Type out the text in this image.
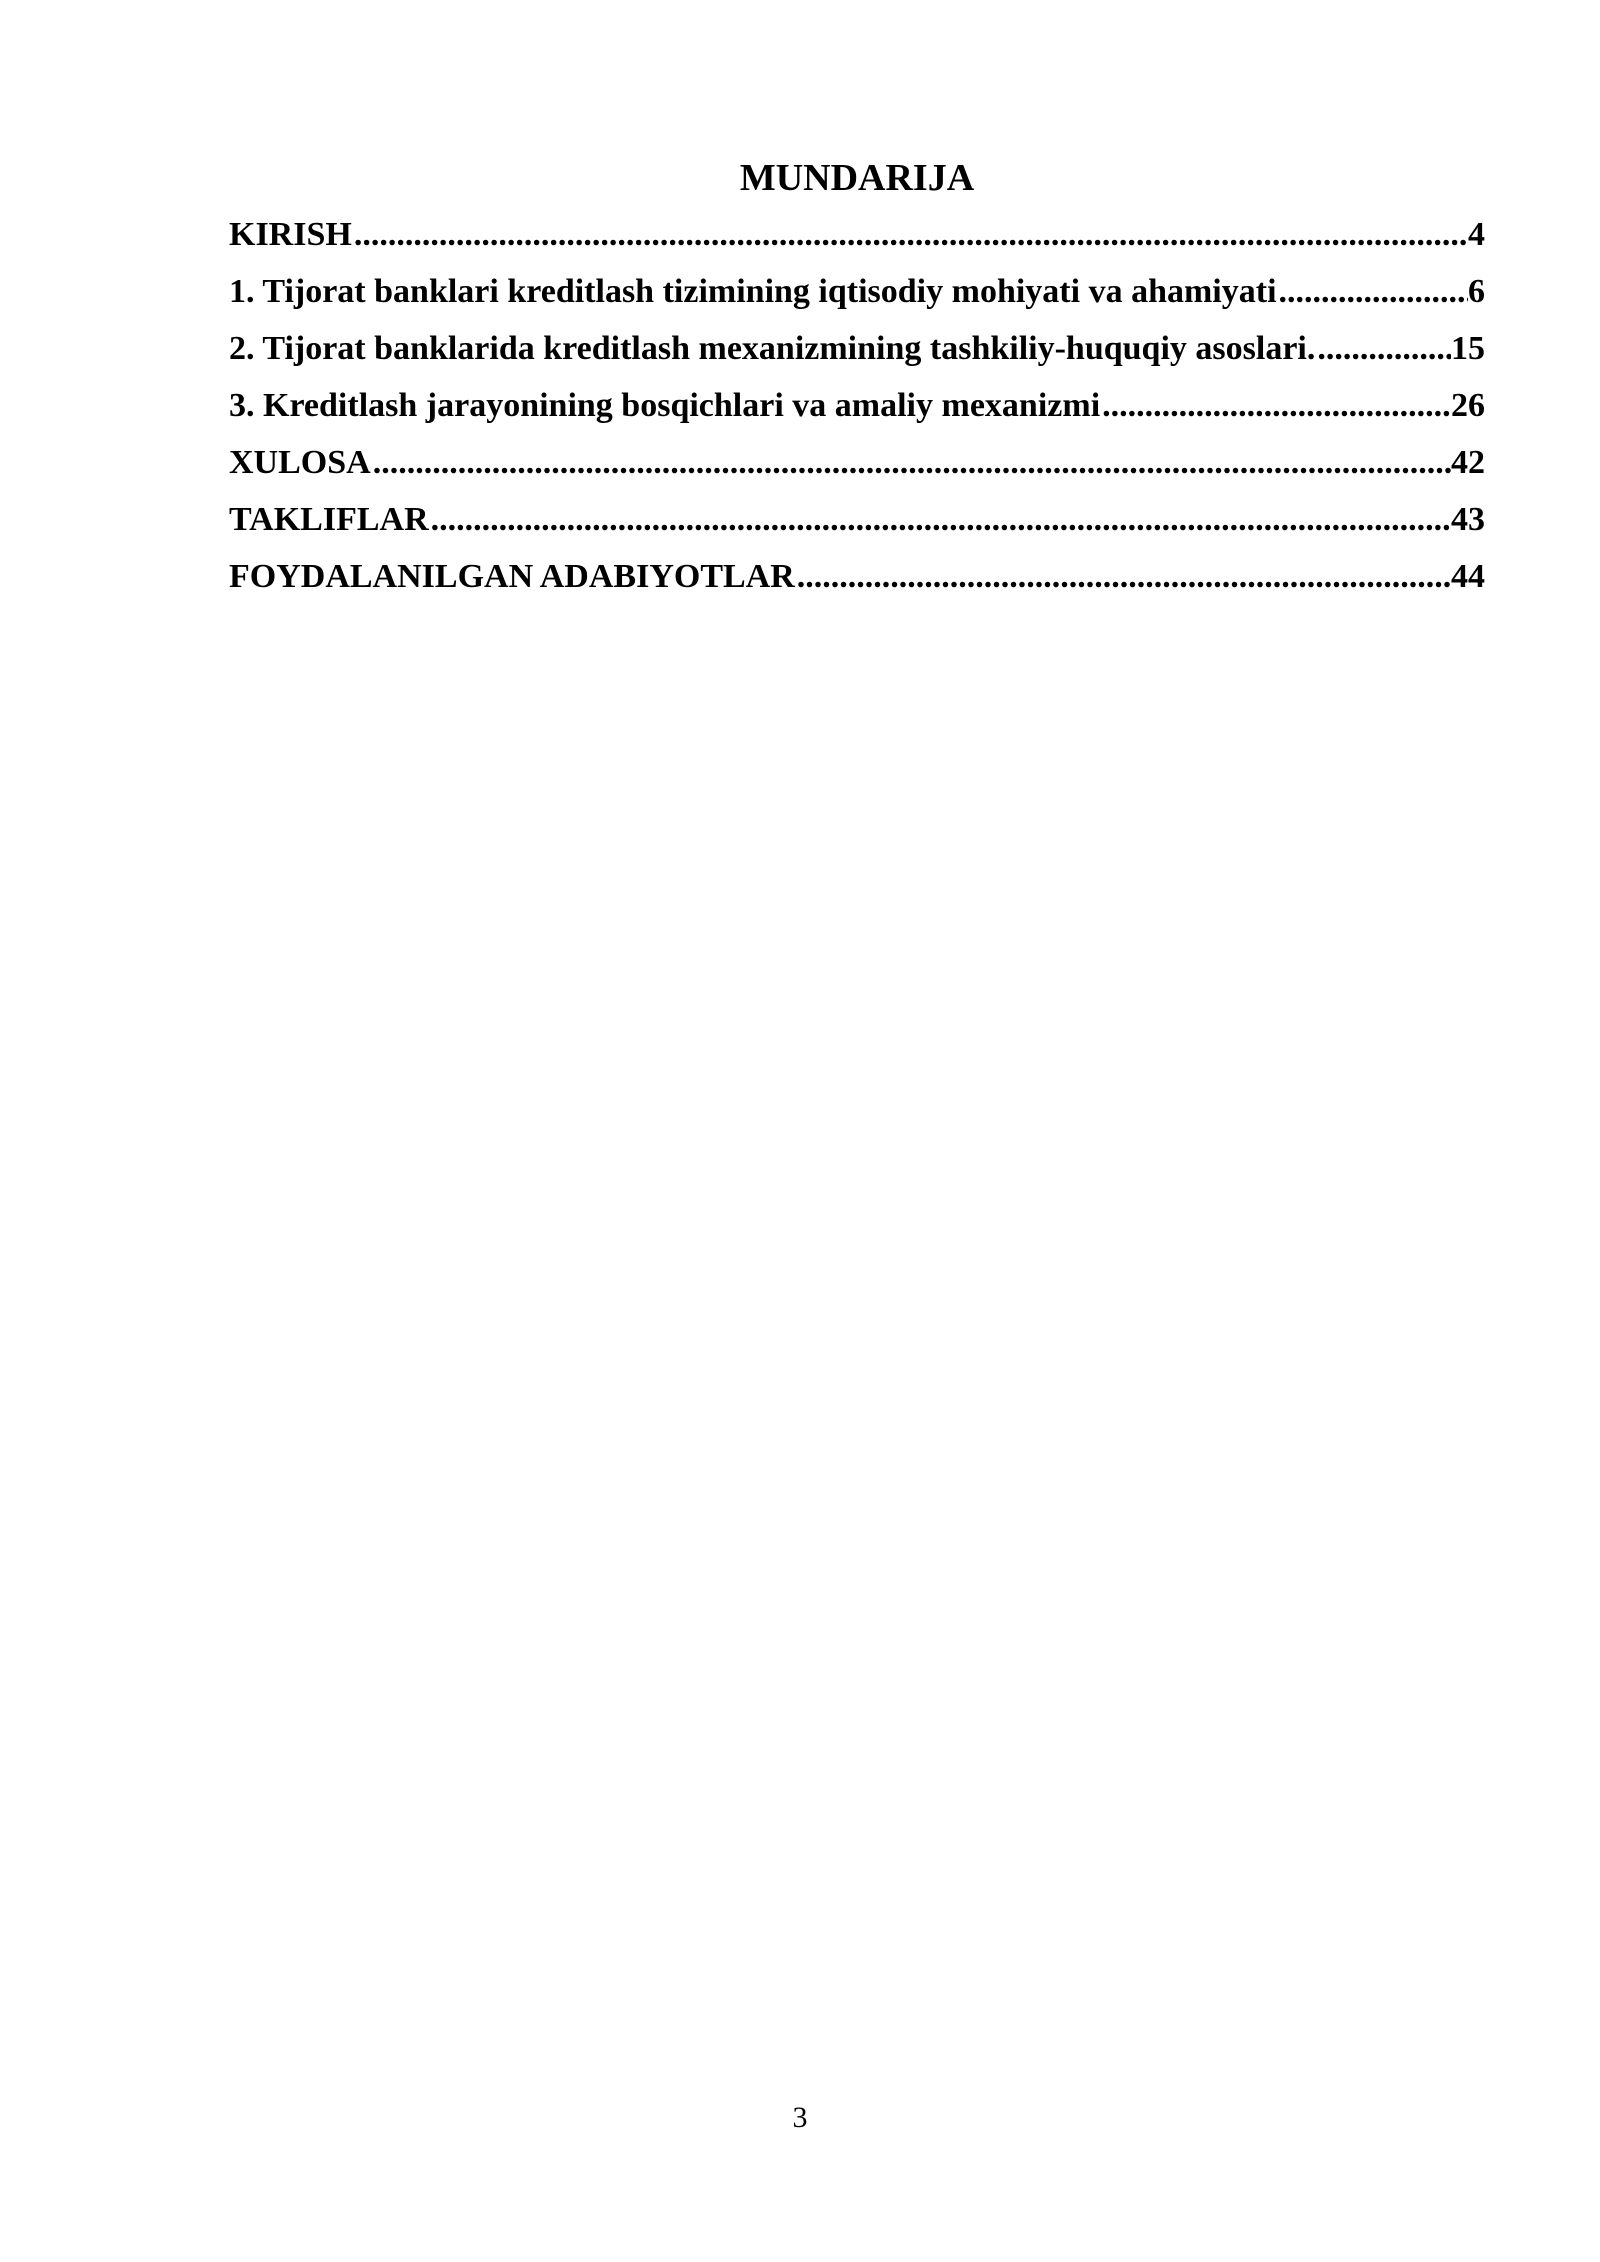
MUNDARIJA
KIRISH .....	4
1. Tijorat banklari kreditlash tizimining iqtisodiy mohiyati va ahamiyati .....	6
2. Tijorat banklarida kreditlash mexanizmining tashkiliy-huquqiy asoslari. .....	15
3. Kreditlash jarayonining bosqichlari va amaliy mexanizmi .....	26
XULOSA .....	42
TAKLIFLAR .....	43
FOYDALANILGAN ADABIYOTLAR .....	44
3
